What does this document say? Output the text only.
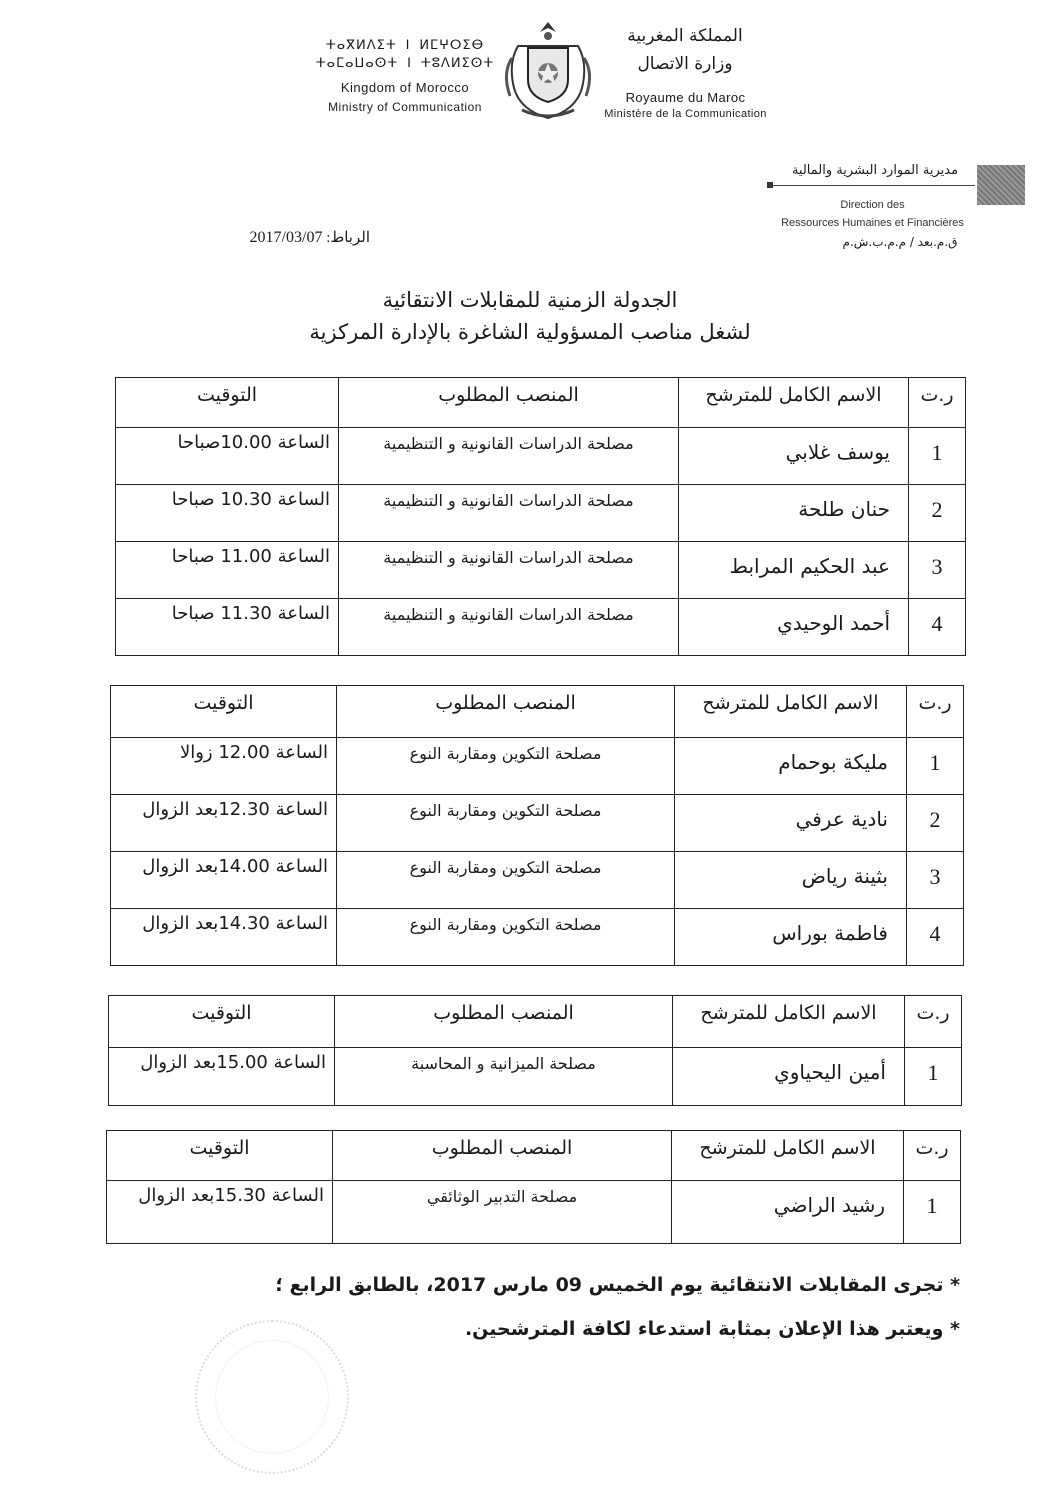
ⵜⴰⴳⵍⴷⵉⵜ ⵏ ⵍⵎⵖⵔⵉⴱ
ⵜⴰⵎⴰⵡⴰⵙⵜ ⵏ ⵜⵓⴷⵍⵉⵙⵜ
Kingdom of Morocco
Ministry of Communication
المملكة المغربية
وزارة الاتصال
Royaume du Maroc
Ministère de la Communication
مديرية الموارد البشرية والمالية
Direction des
Ressources Humaines et Financières
ق.م.بعد / م.م.ب.ش.م
الرباط: 2017/03/07
الجدولة الزمنية للمقابلات الانتقائية
لشغل مناصب المسؤولية الشاغرة بالإدارة المركزية
ر.ت	الاسم الكامل للمترشح	المنصب المطلوب	التوقيت
1	يوسف غلابي	مصلحة الدراسات القانونية و التنظيمية	الساعة 10.00صباحا
2	حنان طلحة	مصلحة الدراسات القانونية و التنظيمية	الساعة 10.30 صباحا
3	عبد الحكيم المرابط	مصلحة الدراسات القانونية و التنظيمية	الساعة 11.00 صباحا
4	أحمد الوحيدي	مصلحة الدراسات القانونية و التنظيمية	الساعة 11.30 صباحا
ر.ت	الاسم الكامل للمترشح	المنصب المطلوب	التوقيت
1	مليكة بوحمام	مصلحة التكوين ومقاربة النوع	الساعة 12.00 زوالا
2	نادية عرفي	مصلحة التكوين ومقاربة النوع	الساعة 12.30بعد الزوال
3	بثينة رياض	مصلحة التكوين ومقاربة النوع	الساعة 14.00بعد الزوال
4	فاطمة بوراس	مصلحة التكوين ومقاربة النوع	الساعة 14.30بعد الزوال
ر.ت	الاسم الكامل للمترشح	المنصب المطلوب	التوقيت
1	أمين اليحياوي	مصلحة الميزانية و المحاسبة	الساعة 15.00بعد الزوال
ر.ت	الاسم الكامل للمترشح	المنصب المطلوب	التوقيت
1	رشيد الراضي	مصلحة التدبير الوثائقي	الساعة 15.30بعد الزوال
* تجرى المقابلات الانتقائية يوم الخميس 09 مارس 2017، بالطابق الرابع ؛
* ويعتبر هذا الإعلان بمثابة استدعاء لكافة المترشحين.
